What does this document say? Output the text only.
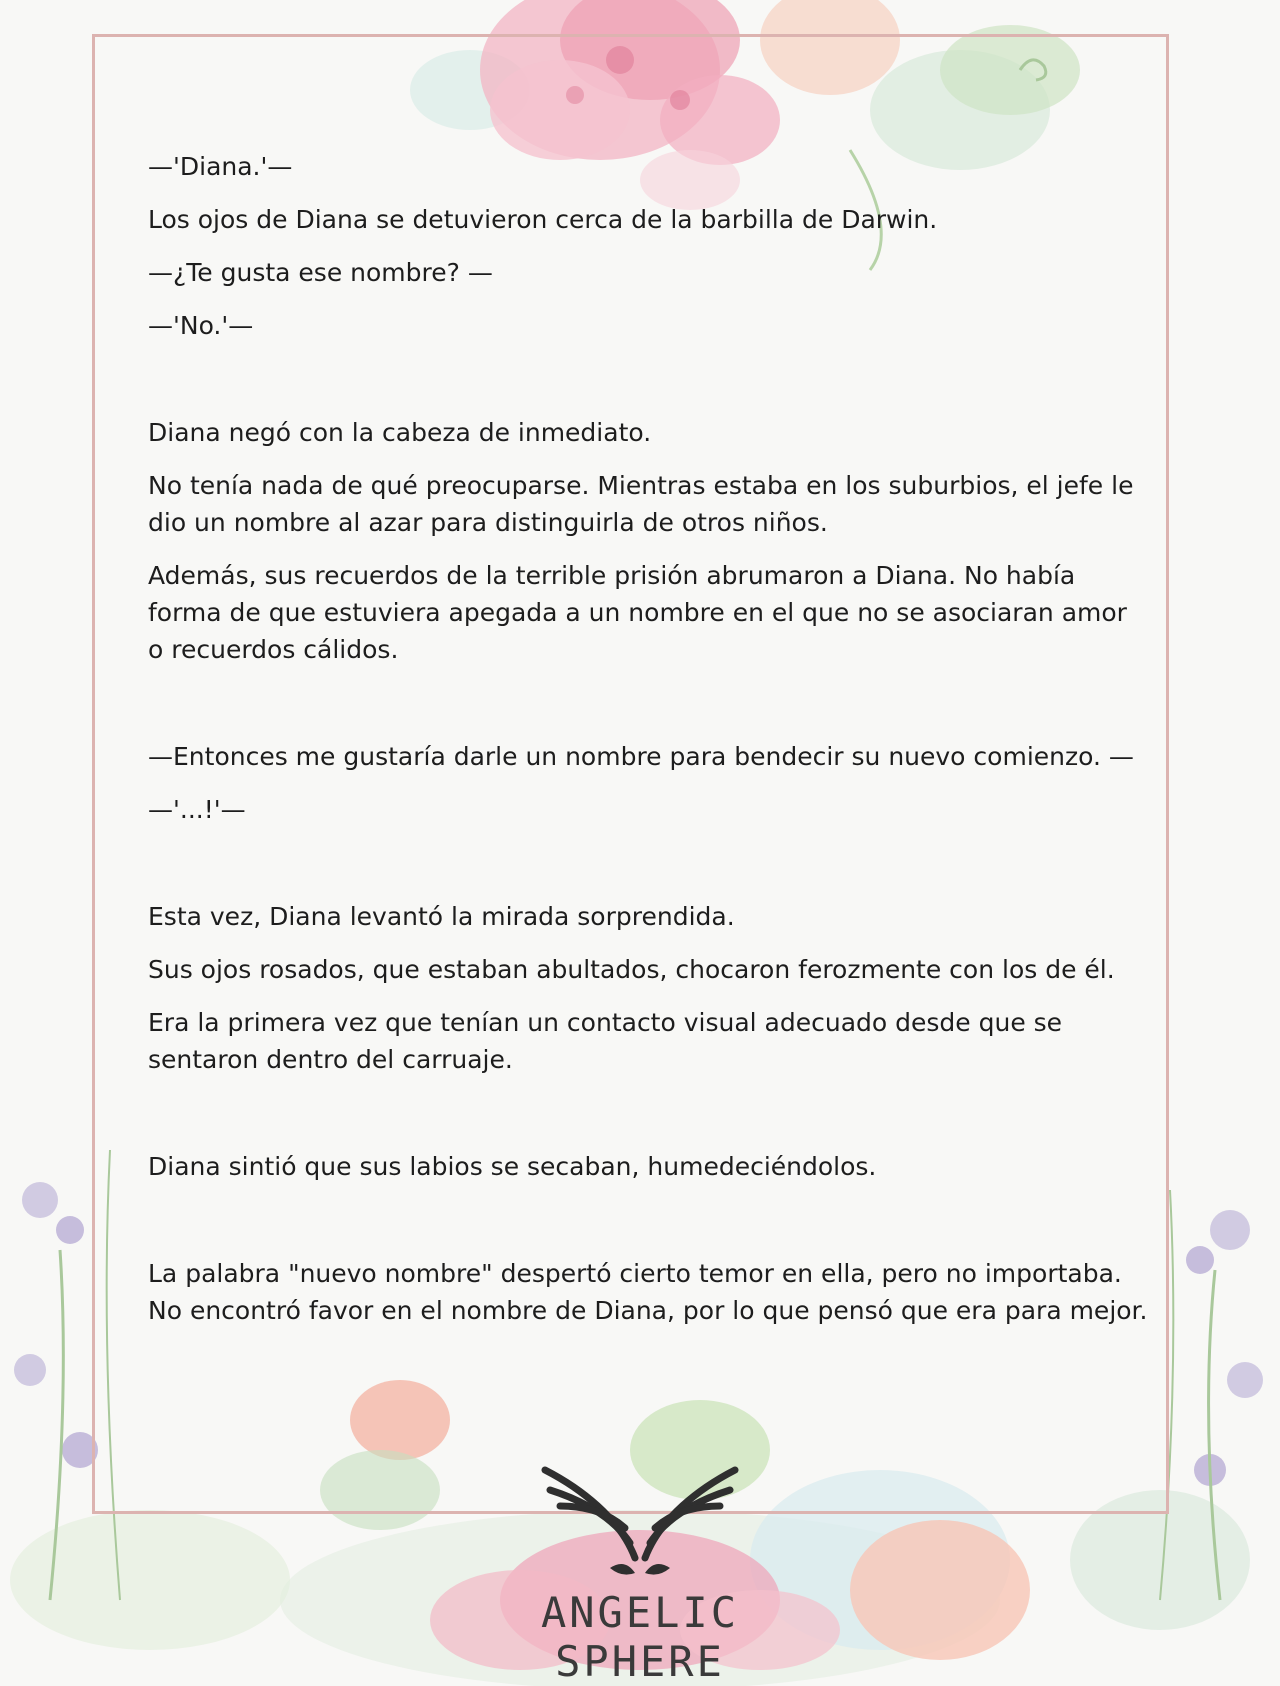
—'Diana.'—

Los ojos de Diana se detuvieron cerca de la barbilla de Darwin.

—¿Te gusta ese nombre? —

—'No.'—

Diana negó con la cabeza de inmediato.

No tenía nada de qué preocuparse. Mientras estaba en los suburbios, el jefe le dio un nombre al azar para distinguirla de otros niños.

Además, sus recuerdos de la terrible prisión abrumaron a Diana. No había forma de que estuviera apegada a un nombre en el que no se asociaran amor o recuerdos cálidos.

—Entonces me gustaría darle un nombre para bendecir su nuevo comienzo. —

—'...!'—

Esta vez, Diana levantó la mirada sorprendida.

Sus ojos rosados, que estaban abultados, chocaron ferozmente con los de él.

Era la primera vez que tenían un contacto visual adecuado desde que se sentaron dentro del carruaje.

Diana sintió que sus labios se secaban, humedeciéndolos.

La palabra "nuevo nombre" despertó cierto temor en ella, pero no importaba. No encontró favor en el nombre de Diana, por lo que pensó que era para mejor.

ANGELIC SPHERE
